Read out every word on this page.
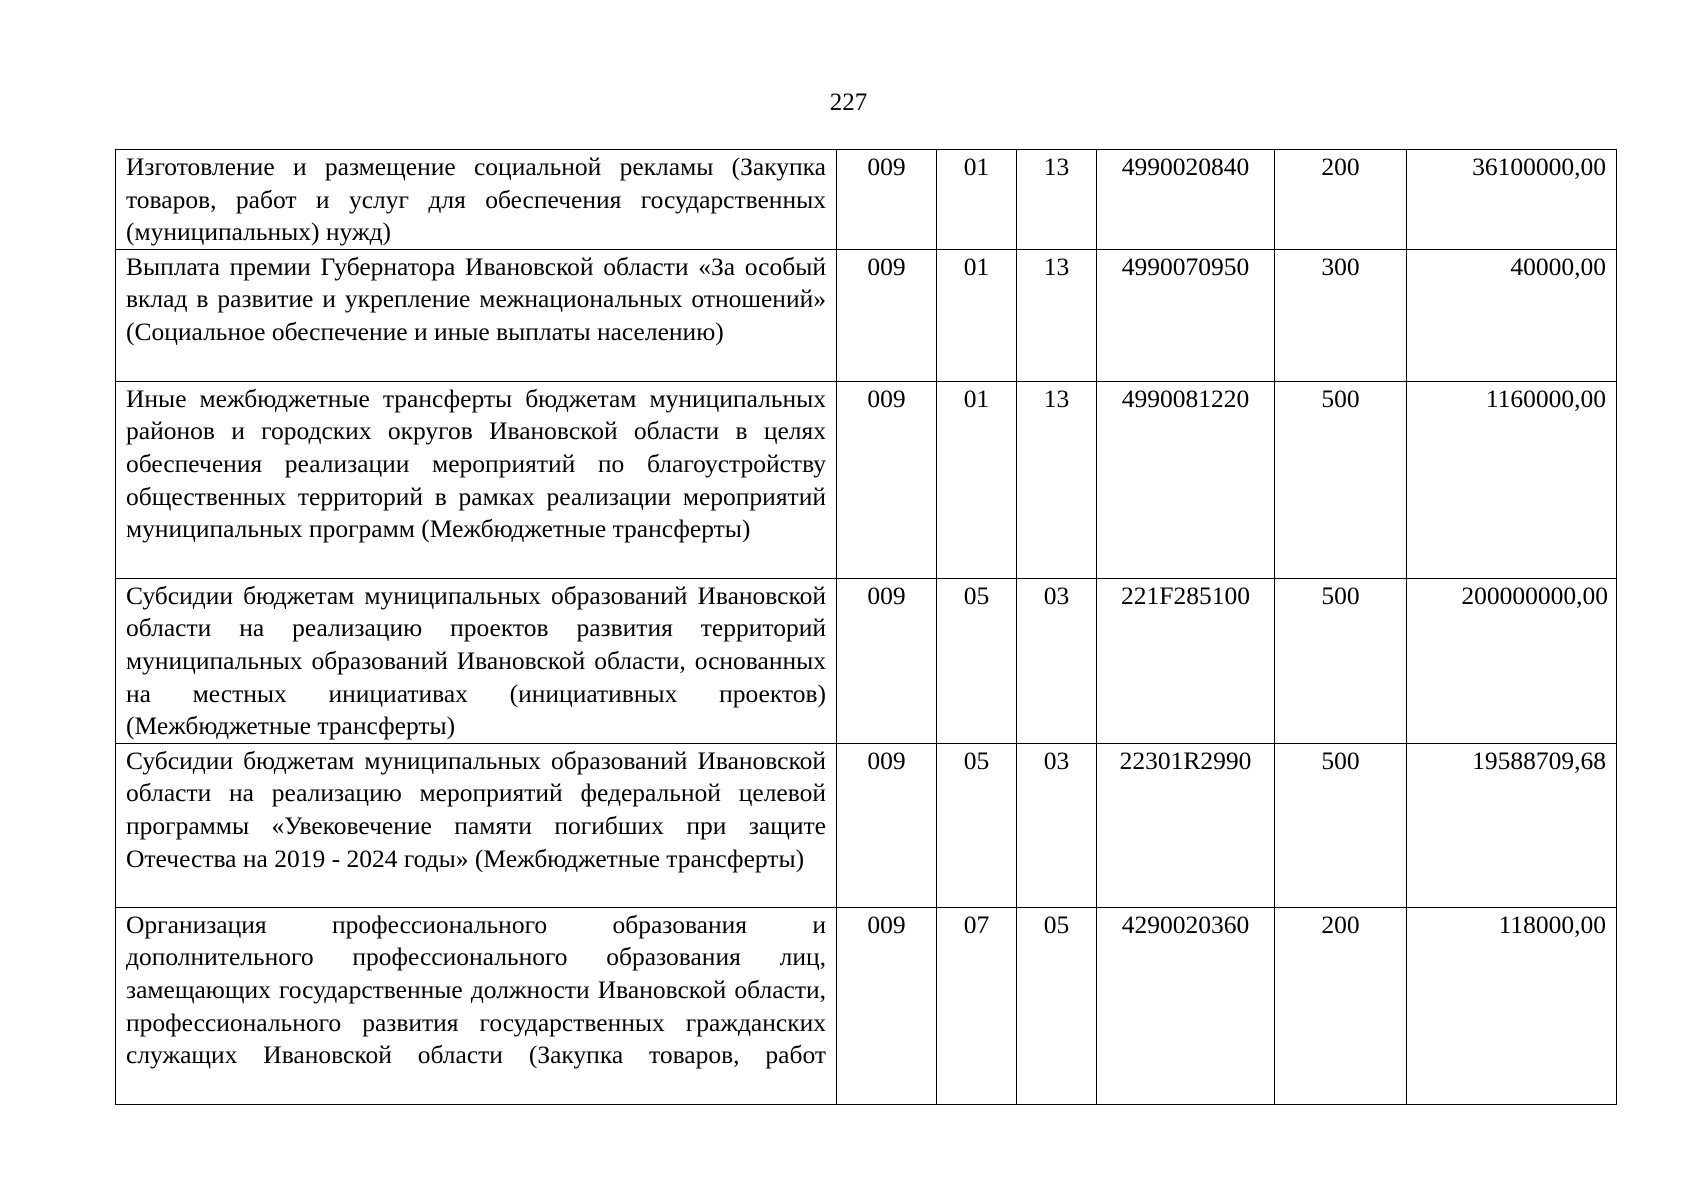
227
Изготовление и размещение социальной рекламы (Закупка товаров, работ и услуг для обеспечения государственных (муниципальных) нужд)	009	01	13	4990020840	200	36100000,00
Выплата премии Губернатора Ивановской области «За особый вклад в развитие и укрепление межнациональных отношений» (Социальное обеспечение и иные выплаты населению)	009	01	13	4990070950	300	40000,00
Иные межбюджетные трансферты бюджетам муниципальных районов и городских округов Ивановской области в целях обеспечения реализации мероприятий по благоустройству общественных территорий в рамках реализации мероприятий муниципальных программ (Межбюджетные трансферты)	009	01	13	4990081220	500	1160000,00
Субсидии бюджетам муниципальных образований Ивановской области на реализацию проектов развития территорий муниципальных образований Ивановской области, основанных на местных инициативах (инициативных проектов) (Межбюджетные трансферты)	009	05	03	221F285100	500	200000000,00
Субсидии бюджетам муниципальных образований Ивановской области на реализацию мероприятий федеральной целевой программы «Увековечение памяти погибших при защите Отечества на 2019 - 2024 годы» (Межбюджетные трансферты)	009	05	03	22301R2990	500	19588709,68
Организация профессионального образования и дополнительного профессионального образования лиц, замещающих государственные должности Ивановской области, профессионального развития государственных гражданских служащих Ивановской области (Закупка товаров, работ	009	07	05	4290020360	200	118000,00
